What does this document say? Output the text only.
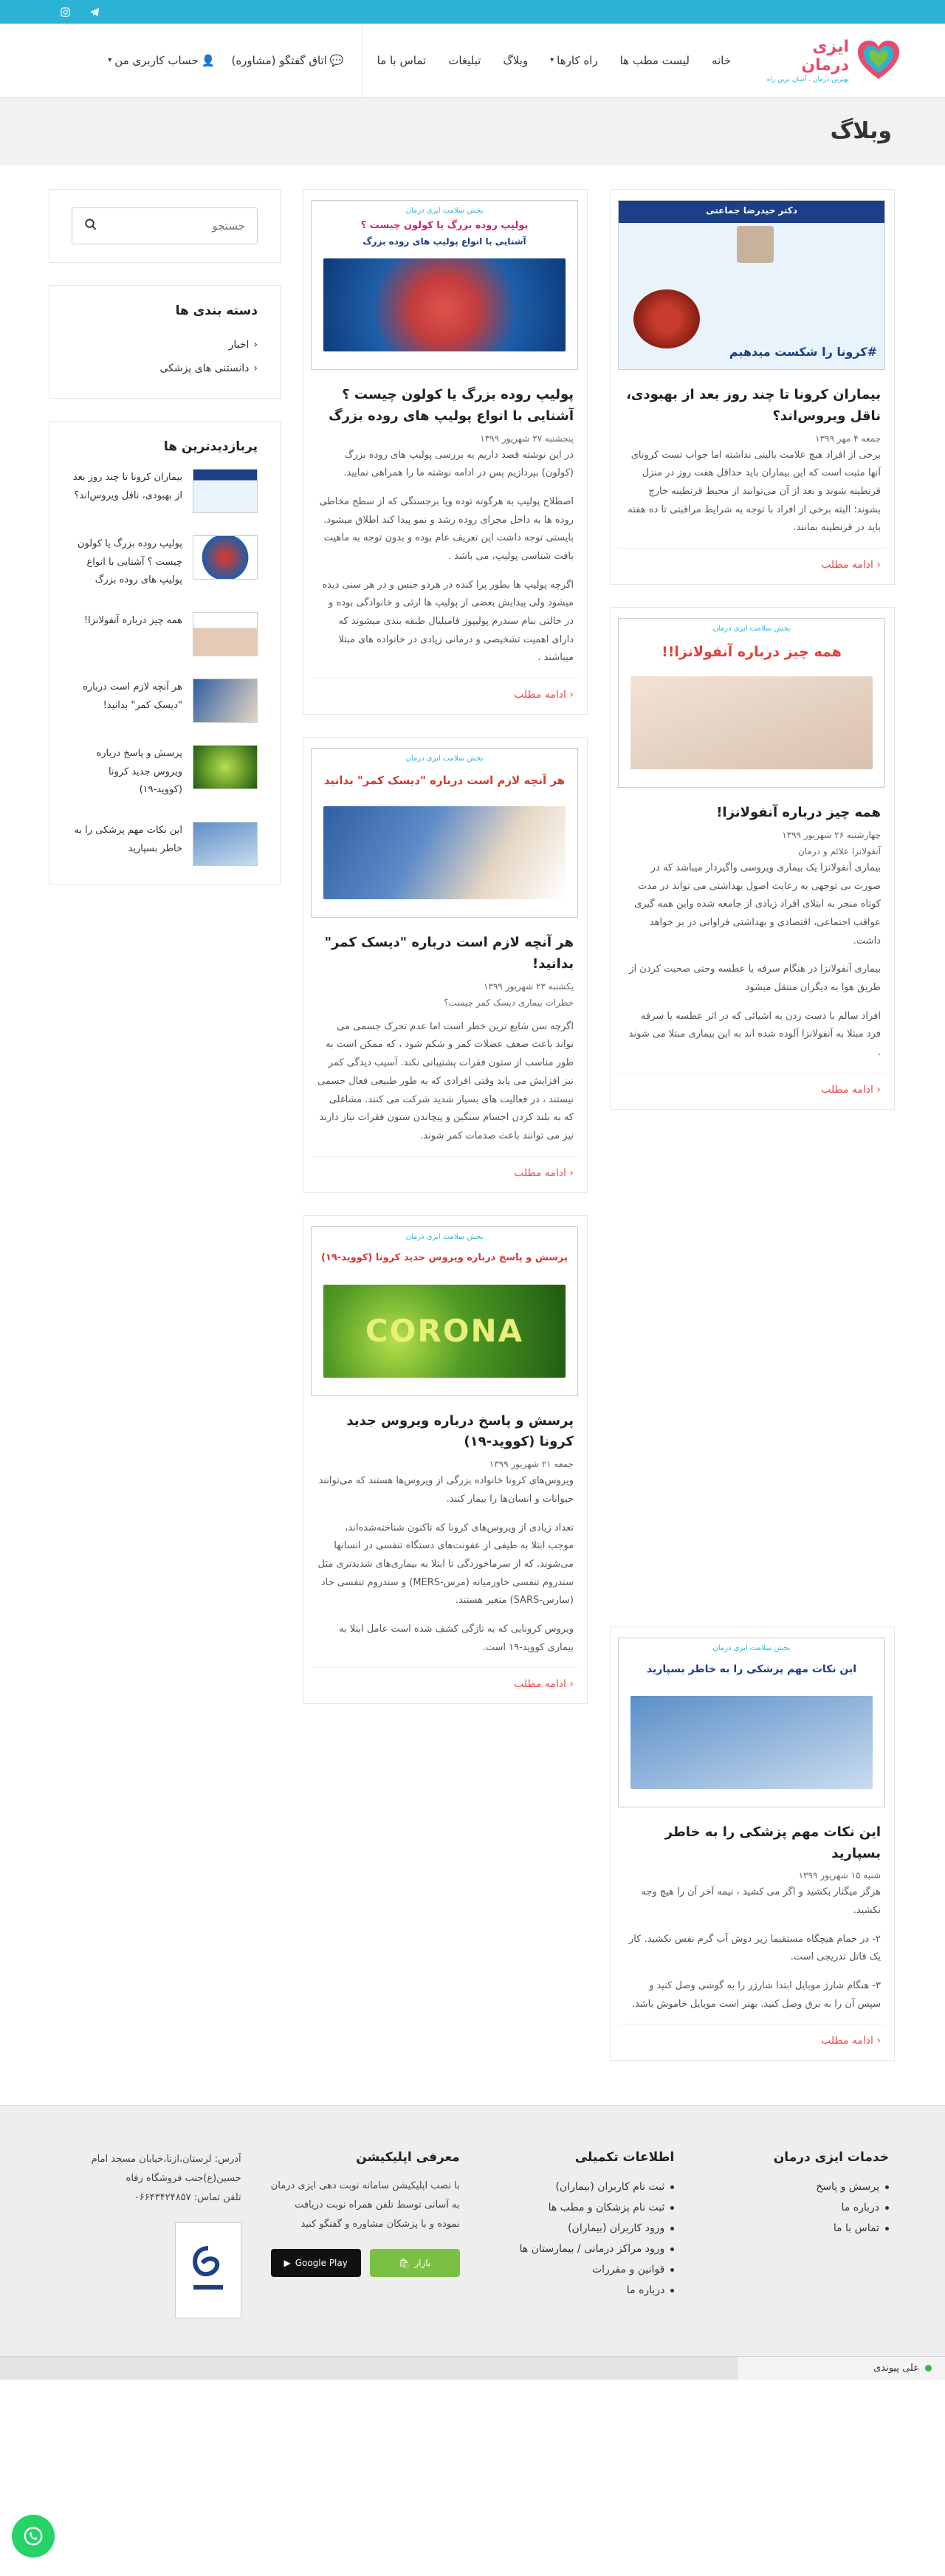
ایزی درمان
بهترین درمان ، آسان ترین راه
خانه
لیست مطب ها
راه کارها
▾
وبلاگ
تبلیغات
تماس با ما
💬
اتاق گفتگو (مشاوره)
👤
حساب کاربری من
▾
وبلاگ
دکتر حیدرضا جماعتی
#کرونا را شکست میدهیم
بیماران کرونا تا چند روز بعد از بهبودی، ناقل ویروس‌اند؟
جمعه ۴ مهر ۱۳۹۹

برخی از افراد هیچ علامت بالینی نداشته اما جواب تست کرونای آنها مثبت است که این بیماران باید حداقل هفت روز در منزل قرنطینه شوند و بعد از آن می‌توانند از محیط قرنطینه خارج بشوند؛ البته برخی از افراد با توجه به شرایط مراقبتی تا ده هفته باید در قرنطینه بمانند.

‹ ادامه مطلب
بخش سلامت ایزی درمان
همه چیز درباره آنفولانزا!!
همه چیز درباره آنفولانزا!
چهارشنبه ۲۶ شهریور ۱۳۹۹
آنفولانزا علائم و درمان

بیماری آنفولانزا یک بیماری ویروسی واگیردار میباشد که در صورت بی توجهی به رعایت اصول بهداشتی می تواند در مدت کوتاه منجر به ابتلای افراد زیادی از جامعه شده واین همه گیری عواقب اجتماعی، اقتصادی و بهداشتی فراوانی در بر خواهد داشت.

بیماری آنفولانزا در هنگام سرفه یا عطسه وحتی صحبت کردن از طریق هوا به دیگران منتقل میشود

افراد سالم با دست زدن به اشیائی که در اثر عطسه یا سرفه فرد مبتلا به آنفولانزا آلوده شده اند به این بیماری مبتلا می شوند .

‹ ادامه مطلب
بخش سلامت ایزی درمان
این نکات مهم پزشکی را به خاطر بسپارید
این نکات مهم پزشکی را به خاطر بسپارید
شنبه ۱۵ شهریور ۱۳۹۹

هرگز میگنار بکشید و اگر می کشید ، نیمه آخر آن را هیچ وجه نکشید.

۲- در حمام هیچگاه مستقیما زیر دوش آب گرم نفس نکشید. کار یک قاتل تدریجی است.

۳- هنگام شارژ موبایل ابتدا شارژر را به گوشی وصل کنید و سپس آن را به برق وصل کنید. بهتر است موبایل خاموش باشد.

‹ ادامه مطلب
بخش سلامت ایزی درمان
پولیپ روده بزرگ یا کولون چیست ؟
آشنایی با انواع پولیپ های روده بزرگ
پولیپ روده بزرگ یا کولون چیست ؟ آشنایی با انواع پولیپ های روده بزرگ
پنجشنبه ۲۷ شهریور ۱۳۹۹

در این نوشته قصد داریم به بررسی پولیپ های روده بزرگ (کولون) بپردازیم پس در ادامه نوشته ما را همراهی نمایید.

اصطلاح پولیپ به هرگونه توده ویا برجستگی که از سطح مخاطی روده ها به داخل مجرای روده رشد و نمو پیدا کند اطلاق میشود. بایستی توجه داشت این تعریف عام بوده و بدون توجه به ماهیت بافت شناسی پولیپ، می باشد .

اگرچه پولیپ ها بطور پرا کنده در هردو جنس و در هر سنی دیده میشود ولی پیدایش بعضی از پولیپ ها ارثی و خانوادگی بوده و در حالتی بنام سندرم پولیپوز فامیلیال طبقه بندی میشوند که دارای اهمیت تشخیصی و درمانی زیادی در خانواده های مبتلا میباشند .

‹ ادامه مطلب
بخش سلامت ایزی درمان
هر آنچه لازم است درباره "دیسک کمر" بدانید
هر آنچه لازم است درباره "دیسک کمر" بدانید!
یکشنبه ۲۳ شهریور ۱۳۹۹
خطرات بیماری دیسک کمر چیست؟

اگرچه سن شایع ترین خطر است اما عدم تحرک جسمی می تواند باعث ضعف عضلات کمر و شکم شود ، که ممکن است به طور مناسب از ستون فقرات پشتیبانی نکند. آسیب دیدگی کمر نیز افزایش می یابد وقتی افرادی که به طور طبیعی فعال جسمی نیستند ، در فعالیت های بسیار شدید شرکت می کنند. مشاغلی که به بلند کردن اجسام سنگین و پیچاندن ستون فقرات نیاز دارند نیز می توانند باعث صدمات کمر شوند.

‹ ادامه مطلب
بخش سلامت ایزی درمان
پرسش و پاسخ درباره ویروس جدید کرونا (کووید-۱۹)
CORONA
پرسش و پاسخ درباره ویروس جدید کرونا (کووید-۱۹)
جمعه ۲۱ شهریور ۱۳۹۹

ویروس‌های کرونا خانواده بزرگی از ویروس‌ها هستند که می‌توانند حیوانات و انسان‌ها را بیمار کنند.

تعداد زیادی از ویروس‌های کرونا که تاکنون شناخته‌شده‌اند، موجب ابتلا به طیفی از عفونت‌های دستگاه تنفسی در انسانها می‌شوند. که از سرماخوردگی تا ابتلا به بیماری‌های شدیدتری مثل سندروم تنفسی خاورمیانه (مرس-MERS) و سندروم تنفسی حاد (سارس-SARS) متغیر هستند.

ویروس کرونایی که به تازگی کشف شده است عامل ابتلا به بیماری کووید-۱۹ است.

‹ ادامه مطلب
جستجو
دسته بندی ها
‹
اخبار
‹
دانستنی های پزشکی
پربازدیدترین ها
بیماران کرونا تا چند روز بعد از بهبودی، ناقل ویروس‌اند؟
پولیپ روده بزرگ یا کولون چیست ؟ آشنایی با انواع پولیپ های روده بزرگ
همه چیز درباره آنفولانزا!
هر آنچه لازم است درباره "دیسک کمر" بدانید!
پرسش و پاسخ درباره ویروس جدید کرونا (کووید-۱۹)
این نکات مهم پزشکی را به خاطر بسپارید
خدمات ایزی درمان
پرسش و پاسخ
درباره ما
تماس با ما
اطلاعات تکمیلی
ثبت نام کاربران (بیماران)
ثبت نام پزشکان و مطب ها
ورود کاربران (بیماران)
ورود مراکز درمانی / بیمارستان ها
قوانین و مقررات
درباره ما
معرفی اپلیکیشن

با نصب اپلیکیشن سامانه نوبت دهی ایزی درمان به آسانی توسط تلفن همراه نوبت دریافت نموده و با پزشکان مشاوره و گفتگو کنید

▶ Google Play	🛍 بازار

آدرس: لرستان،ازنا،خیابان مسجد امام حسین(ع)جنب فروشگاه رفاه

تلفن تماس: ۰۶۶۴۳۴۲۴۸۵۷

علی پیوندی
